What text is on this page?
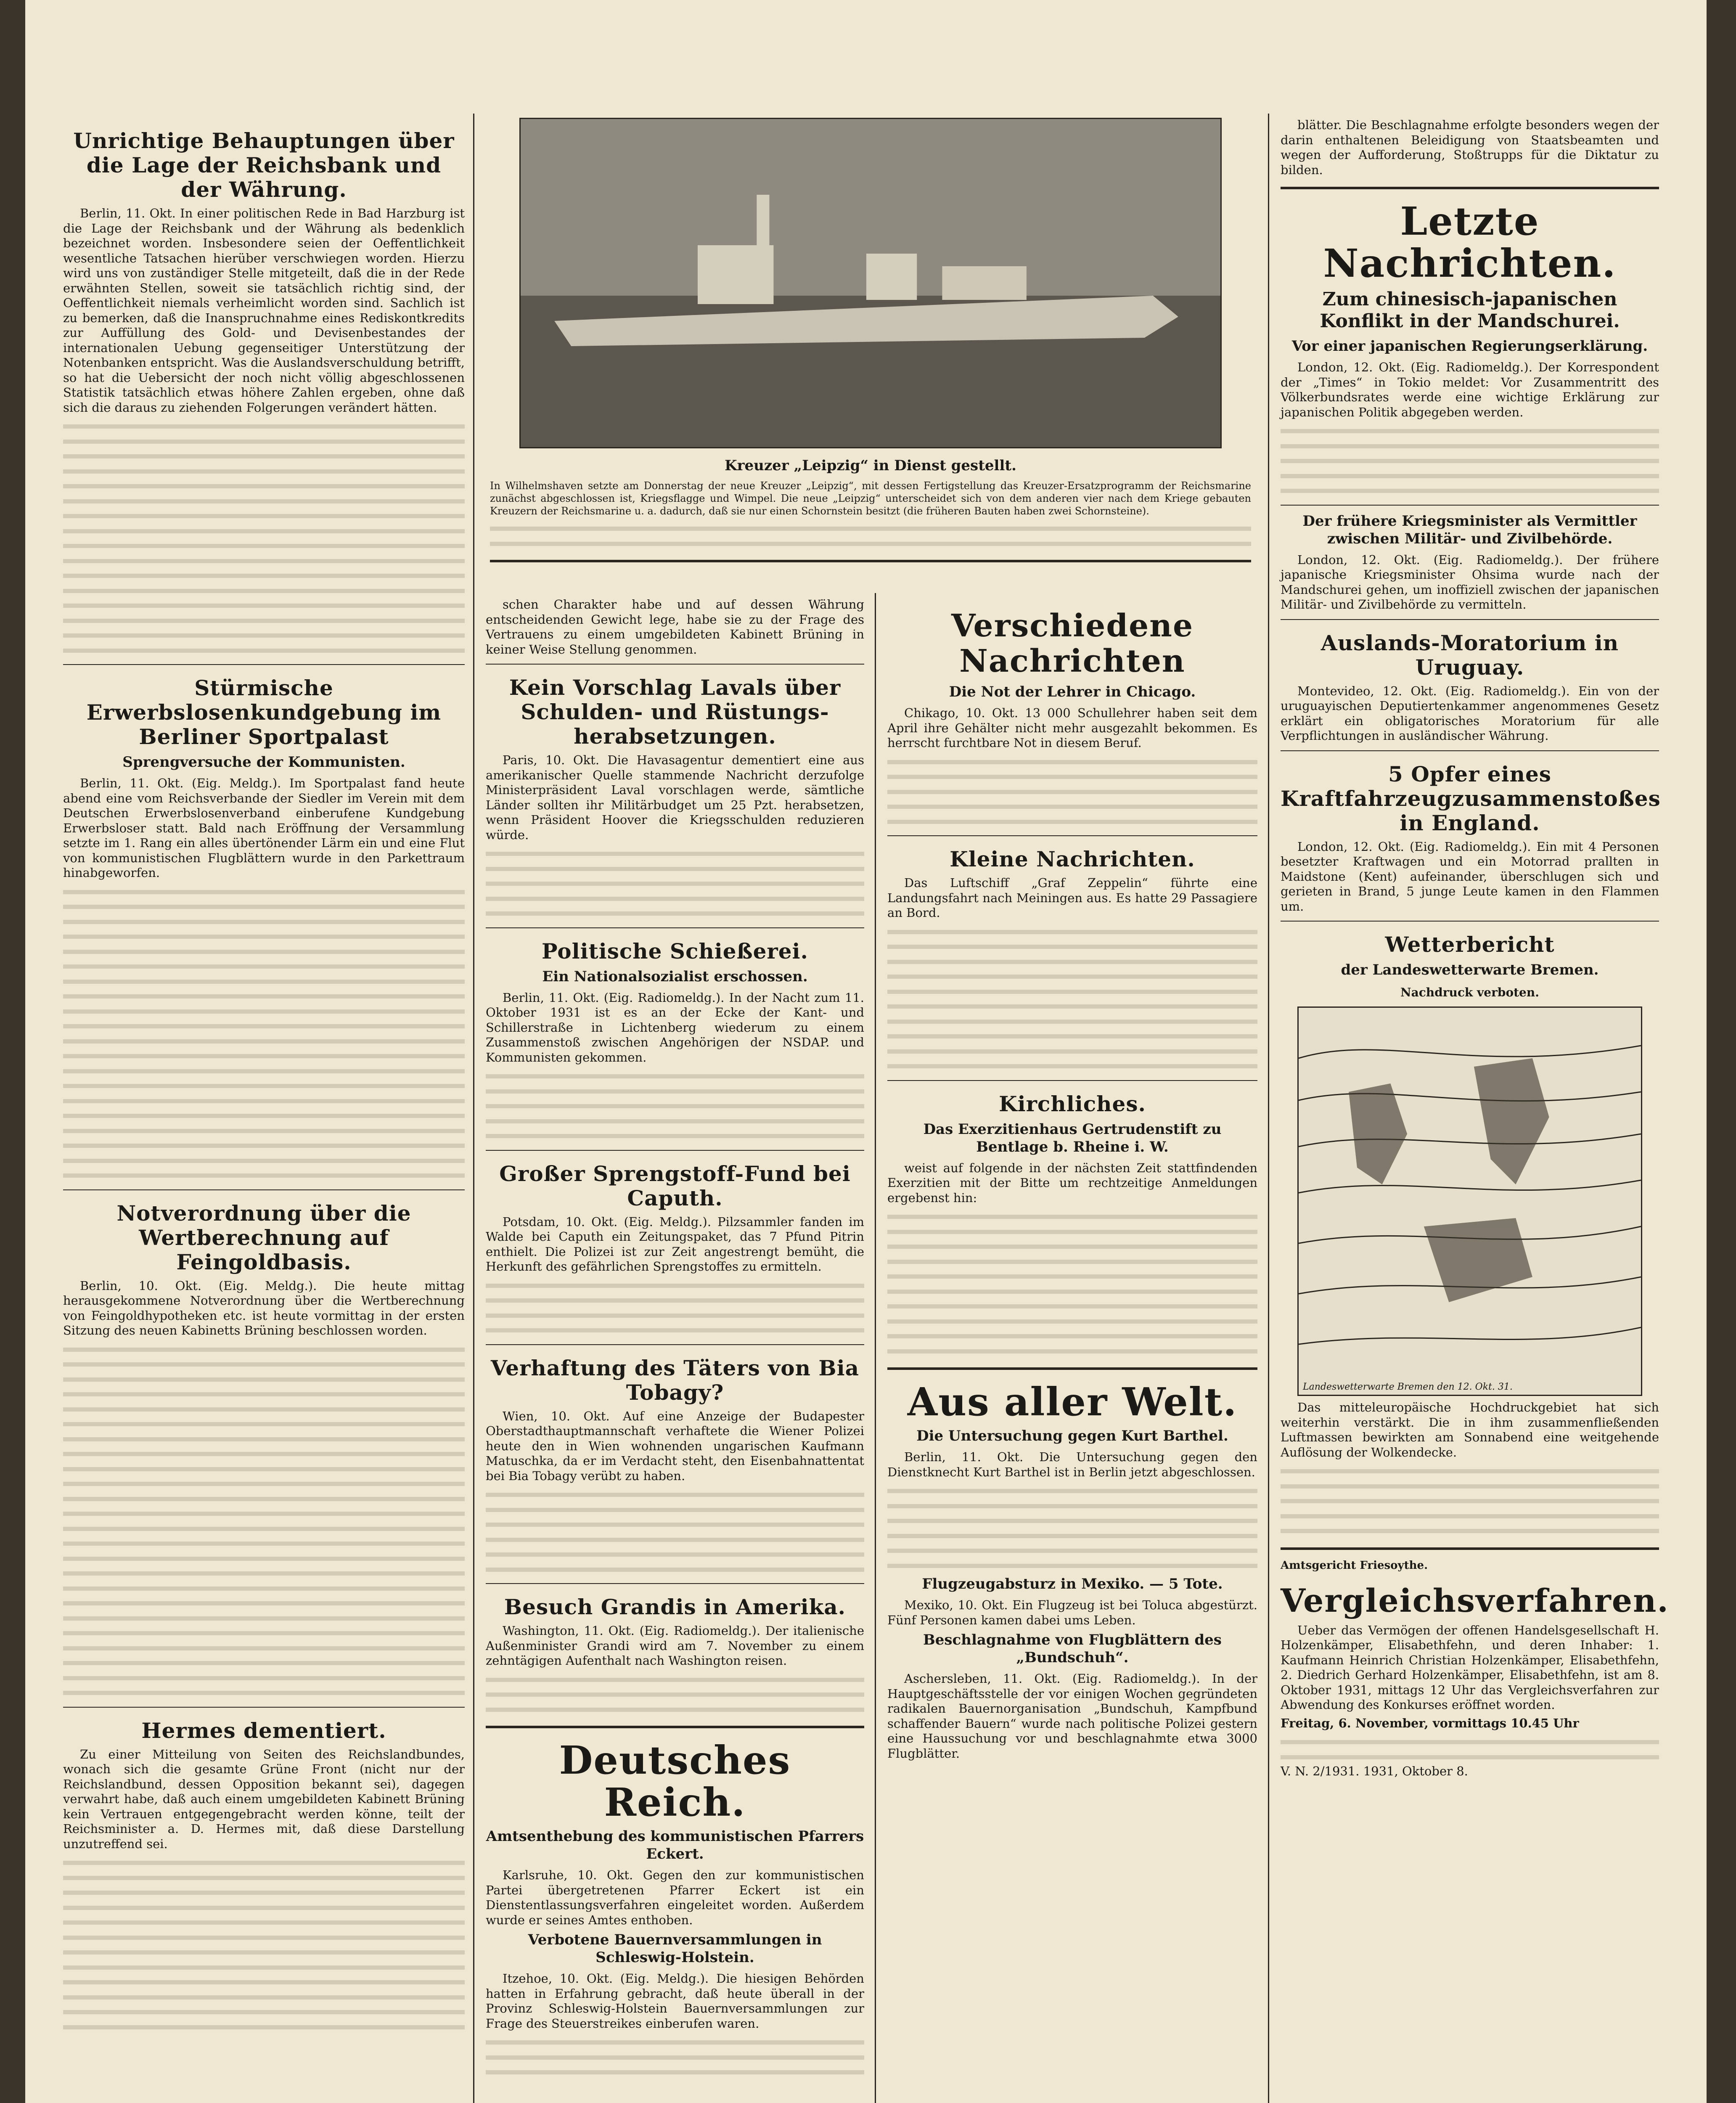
Unrichtige Behauptungen über die Lage der Reichsbank und der Währung.

Berlin, 11. Okt. In einer politischen Rede in Bad Harzburg ist die Lage der Reichsbank und der Währung als bedenklich bezeichnet worden. Insbesondere seien der Oeffentlichkeit wesentliche Tatsachen hierüber verschwiegen worden. Hierzu wird uns von zuständiger Stelle mitgeteilt, daß die in der Rede erwähnten Stellen, soweit sie tatsächlich richtig sind, der Oeffentlichkeit niemals verheimlicht worden sind. Sachlich ist zu bemerken, daß die Inanspruchnahme eines Rediskontkredits zur Auffüllung des Gold- und Devisenbestandes der internationalen Uebung gegenseitiger Unterstützung der Notenbanken entspricht. Was die Auslandsverschuldung betrifft, so hat die Uebersicht der noch nicht völlig abgeschlossenen Statistik tatsächlich etwas höhere Zahlen ergeben, ohne daß sich die daraus zu ziehenden Folgerungen verändert hätten.

Stürmische Erwerbslosenkundgebung im Berliner Sportpalast
Sprengversuche der Kommunisten.

Berlin, 11. Okt. (Eig. Meldg.). Im Sportpalast fand heute abend eine vom Reichsverbande der Siedler im Verein mit dem Deutschen Erwerbslosenverband einberufene Kundgebung Erwerbsloser statt. Bald nach Eröffnung der Versammlung setzte im 1. Rang ein alles übertönender Lärm ein und eine Flut von kommunistischen Flugblättern wurde in den Parkettraum hinabgeworfen.

Notverordnung über die Wertberechnung auf Feingoldbasis.

Berlin, 10. Okt. (Eig. Meldg.). Die heute mittag herausgekommene Notverordnung über die Wertberechnung von Feingoldhypotheken etc. ist heute vormittag in der ersten Sitzung des neuen Kabinetts Brüning beschlossen worden.

Hermes dementiert.

Zu einer Mitteilung von Seiten des Reichslandbundes, wonach sich die gesamte Grüne Front (nicht nur der Reichslandbund, dessen Opposition bekannt sei), dagegen verwahrt habe, daß auch einem umgebildeten Kabinett Brüning kein Vertrauen entgegengebracht werden könne, teilt der Reichsminister a. D. Hermes mit, daß diese Darstellung unzutreffend sei.

Kreuzer „Leipzig“ in Dienst gestellt.

In Wilhelmshaven setzte am Donnerstag der neue Kreuzer „Leipzig“, mit dessen Fertigstellung das Kreuzer-Ersatzprogramm der Reichsmarine zunächst abgeschlossen ist, Kriegsflagge und Wimpel. Die neue „Leipzig“ unterscheidet sich von dem anderen vier nach dem Kriege gebauten Kreuzern der Reichsmarine u. a. dadurch, daß sie nur einen Schornstein besitzt (die früheren Bauten haben zwei Schornsteine).

schen Charakter habe und auf dessen Währung entscheidenden Gewicht lege, habe sie zu der Frage des Vertrauens zu einem umgebildeten Kabinett Brüning in keiner Weise Stellung genommen.

Kein Vorschlag Lavals über Schulden- und Rüstungs-herabsetzungen.

Paris, 10. Okt. Die Havasagentur dementiert eine aus amerikanischer Quelle stammende Nachricht derzufolge Ministerpräsident Laval vorschlagen werde, sämtliche Länder sollten ihr Militärbudget um 25 Pzt. herabsetzen, wenn Präsident Hoover die Kriegsschulden reduzieren würde.

Politische Schießerei.
Ein Nationalsozialist erschossen.

Berlin, 11. Okt. (Eig. Radiomeldg.). In der Nacht zum 11. Oktober 1931 ist es an der Ecke der Kant- und Schillerstraße in Lichtenberg wiederum zu einem Zusammenstoß zwischen Angehörigen der NSDAP. und Kommunisten gekommen.

Großer Sprengstoff-Fund bei Caputh.

Potsdam, 10. Okt. (Eig. Meldg.). Pilzsammler fanden im Walde bei Caputh ein Zeitungspaket, das 7 Pfund Pitrin enthielt. Die Polizei ist zur Zeit angestrengt bemüht, die Herkunft des gefährlichen Sprengstoffes zu ermitteln.

Verhaftung des Täters von Bia Tobagy?

Wien, 10. Okt. Auf eine Anzeige der Budapester Oberstadthauptmannschaft verhaftete die Wiener Polizei heute den in Wien wohnenden ungarischen Kaufmann Matuschka, da er im Verdacht steht, den Eisenbahnattentat bei Bia Tobagy verübt zu haben.

Besuch Grandis in Amerika.

Washington, 11. Okt. (Eig. Radiomeldg.). Der italienische Außenminister Grandi wird am 7. November zu einem zehntägigen Aufenthalt nach Washington reisen.

Deutsches Reich.
Amtsenthebung des kommunistischen Pfarrers Eckert.

Karlsruhe, 10. Okt. Gegen den zur kommunistischen Partei übergetretenen Pfarrer Eckert ist ein Dienstentlassungsverfahren eingeleitet worden. Außerdem wurde er seines Amtes enthoben.

Verbotene Bauernversammlungen in Schleswig-Holstein.

Itzehoe, 10. Okt. (Eig. Meldg.). Die hiesigen Behörden hatten in Erfahrung gebracht, daß heute überall in der Provinz Schleswig-Holstein Bauernversammlungen zur Frage des Steuerstreikes einberufen waren.

Verschiedene Nachrichten
Die Not der Lehrer in Chicago.

Chikago, 10. Okt. 13 000 Schullehrer haben seit dem April ihre Gehälter nicht mehr ausgezahlt bekommen. Es herrscht furchtbare Not in diesem Beruf.

Kleine Nachrichten.

Das Luftschiff „Graf Zeppelin“ führte eine Landungsfahrt nach Meiningen aus. Es hatte 29 Passagiere an Bord.

Kirchliches.
Das Exerzitienhaus Gertrudenstift zu Bentlage b. Rheine i. W.

weist auf folgende in der nächsten Zeit stattfindenden Exerzitien mit der Bitte um rechtzeitige Anmeldungen ergebenst hin:

Aus aller Welt.
Die Untersuchung gegen Kurt Barthel.

Berlin, 11. Okt. Die Untersuchung gegen den Dienstknecht Kurt Barthel ist in Berlin jetzt abgeschlossen.

Flugzeugabsturz in Mexiko. — 5 Tote.

Mexiko, 10. Okt. Ein Flugzeug ist bei Toluca abgestürzt. Fünf Personen kamen dabei ums Leben.

Beschlagnahme von Flugblättern des „Bundschuh“.

Aschersleben, 11. Okt. (Eig. Radiomeldg.). In der Hauptgeschäftsstelle der vor einigen Wochen gegründeten radikalen Bauernorganisation „Bundschuh, Kampfbund schaffender Bauern“ wurde nach politische Polizei gestern eine Haussuchung vor und beschlagnahmte etwa 3000 Flugblätter.

blätter. Die Beschlagnahme erfolgte besonders wegen der darin enthaltenen Beleidigung von Staatsbeamten und wegen der Aufforderung, Stoßtrupps für die Diktatur zu bilden.

Letzte Nachrichten.
Zum chinesisch-japanischen Konflikt in der Mandschurei.
Vor einer japanischen Regierungserklärung.

London, 12. Okt. (Eig. Radiomeldg.). Der Korrespondent der „Times“ in Tokio meldet: Vor Zusammentritt des Völkerbundsrates werde eine wichtige Erklärung zur japanischen Politik abgegeben werden.

Der frühere Kriegsminister als Vermittler zwischen Militär- und Zivilbehörde.

London, 12. Okt. (Eig. Radiomeldg.). Der frühere japanische Kriegsminister Ohsima wurde nach der Mandschurei gehen, um inoffiziell zwischen der japanischen Militär- und Zivilbehörde zu vermitteln.

Auslands-Moratorium in Uruguay.

Montevideo, 12. Okt. (Eig. Radiomeldg.). Ein von der uruguayischen Deputiertenkammer angenommenes Gesetz erklärt ein obligatorisches Moratorium für alle Verpflichtungen in ausländischer Währung.

5 Opfer eines Kraftfahrzeugzusammenstoßes in England.

London, 12. Okt. (Eig. Radiomeldg.). Ein mit 4 Personen besetzter Kraftwagen und ein Motorrad prallten in Maidstone (Kent) aufeinander, überschlugen sich und gerieten in Brand, 5 junge Leute kamen in den Flammen um.

Wetterbericht
der Landeswetterwarte Bremen.
Nachdruck verboten.
Landeswetterwarte Bremen den 12. Okt. 31.

Das mitteleuropäische Hochdruckgebiet hat sich weiterhin verstärkt. Die in ihm zusammenfließenden Luftmassen bewirkten am Sonnabend eine weitgehende Auflösung der Wolkendecke.

Amtsgericht Friesoythe.
Vergleichsverfahren.

Ueber das Vermögen der offenen Handelsgesellschaft H. Holzenkämper, Elisabethfehn, und deren Inhaber: 1. Kaufmann Heinrich Christian Holzenkämper, Elisabethfehn, 2. Diedrich Gerhard Holzenkämper, Elisabethfehn, ist am 8. Oktober 1931, mittags 12 Uhr das Vergleichsverfahren zur Abwendung des Konkurses eröffnet worden.

Freitag, 6. November, vormittags 10.45 Uhr

V. N. 2/1931. 1931, Oktober 8.
